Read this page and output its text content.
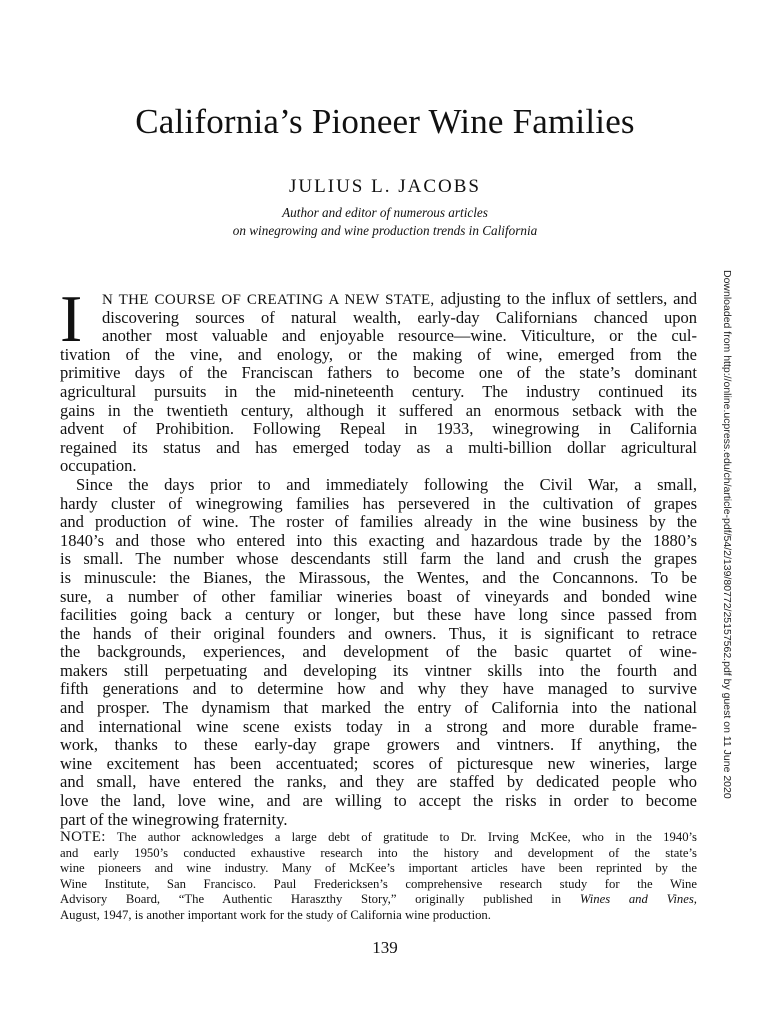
California’s Pioneer Wine Families
JULIUS L. JACOBS
Author and editor of numerous articles
on winegrowing and wine production trends in California
I	N THE COURSE OF CREATING A NEW STATE, adjusting to the influx of settlers, and
discovering sources of natural wealth, early-day Californians chanced upon
another most valuable and enjoyable resource—wine. Viticulture, or the cul-
tivation of the vine, and enology, or the making of wine, emerged from the
primitive days of the Franciscan fathers to become one of the state’s dominant
agricultural pursuits in the mid-nineteenth century. The industry continued its
gains in the twentieth century, although it suffered an enormous setback with the
advent of Prohibition. Following Repeal in 1933, winegrowing in California
regained its status and has emerged today as a multi-billion dollar agricultural
occupation.
Since the days prior to and immediately following the Civil War, a small,
hardy cluster of winegrowing families has persevered in the cultivation of grapes
and production of wine. The roster of families already in the wine business by the
1840’s and those who entered into this exacting and hazardous trade by the 1880’s
is small. The number whose descendants still farm the land and crush the grapes
is minuscule: the Bianes, the Mirassous, the Wentes, and the Concannons. To be
sure, a number of other familiar wineries boast of vineyards and bonded wine
facilities going back a century or longer, but these have long since passed from
the hands of their original founders and owners. Thus, it is significant to retrace
the backgrounds, experiences, and development of the basic quartet of wine-
makers still perpetuating and developing its vintner skills into the fourth and
fifth generations and to determine how and why they have managed to survive
and prosper. The dynamism that marked the entry of California into the national
and international wine scene exists today in a strong and more durable frame-
work, thanks to these early-day grape growers and vintners. If anything, the
wine excitement has been accentuated; scores of picturesque new wineries, large
and small, have entered the ranks, and they are staffed by dedicated people who
love the land, love wine, and are willing to accept the risks in order to become
part of the winegrowing fraternity.
NOTE: The author acknowledges a large debt of gratitude to Dr. Irving McKee, who in the 1940’s
and early 1950’s conducted exhaustive research into the history and development of the state’s
wine pioneers and wine industry. Many of McKee’s important articles have been reprinted by the
Wine Institute, San Francisco. Paul Fredericksen’s comprehensive research study for the Wine
Advisory Board, “The Authentic Haraszthy Story,” originally published in Wines and Vines,
August, 1947, is another important work for the study of California wine production.
139
Downloaded from http://online.ucpress.edu/ch/article-pdf/54/2/139/80772/25157562.pdf by guest on 11 June 2020
